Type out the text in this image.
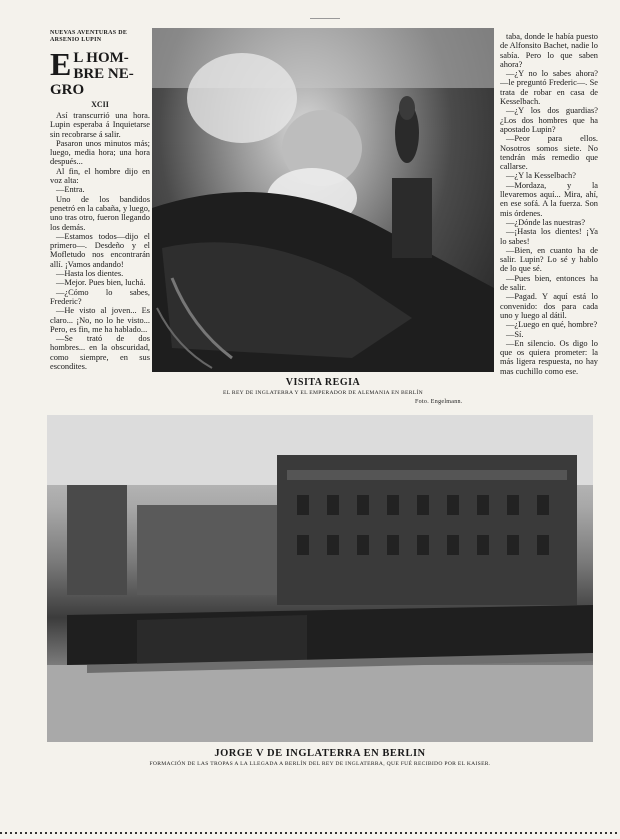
NUEVAS AVENTURAS DE ARSENIO LUPIN
E L HOM-BRE NE-GRO
XCII

Así transcurrió una hora. Lupin esperaba á Inquietarse sin recobrarse á salir.

Pasaron unos minutos más; luego, media hora; una hora después...

Al fin, el hombre dijo en voz alta:

—Entra.

Uno de los bandidos penetró en la cabaña, y luego, uno tras otro, fueron llegando los demás.

—Estamos todos—dijo el primero—. Desdeño y el Mofletudo nos encontrarán allí. ¡Vamos andando!

—Hasta los dientes.

—Mejor. Pues bien, luchá.

—¿Cómo lo sabes, Frederic?

—He visto al joven... Es claro... ¡No, no lo he visto... Pero, es fin, me ha hablado...

—Se trató de dos hombres... en la obscuridad, como siempre, en sus escondites.

VISITA REGIA
EL REY DE INGLATERRA Y EL EMPERADOR DE ALEMANIA EN BERLÍN
Foto. Engelmann.

taba, donde le había puesto de Alfonsito Bachet, nadie lo sabía. Pero lo que saben ahora?

—¿Y no lo sabes ahora? —le preguntó Frederic—. Se trata de robar en casa de Kesselbach.

—¿Y los dos guardias? ¿Los dos hombres que ha apostado Lupin?

—Peor para ellos. Nosotros somos siete. No tendrán más remedio que callarse.

—¿Y la Kesselbach?

—Mordaza, y la llevaremos aquí... Mira, ahí, en ese sofá. A la fuerza. Son mis órdenes.

—¿Dónde las nuestras?

—¡Hasta los dientes! ¡Ya lo sabes!

—Bien, en cuanto ha de salir. Lupin? Lo sé y hablo de lo que sé.

—Pues bien, entonces ha de salir.

—Pagad. Y aquí está lo convenido: dos para cada uno y luego al dátil.

—¿Luego en qué, hombre?

—Sí.

—En silencio. Os digo lo que os quiera prometer: la más ligera respuesta, no hay mas cuchillo como ese.

JORGE V DE INGLATERRA EN BERLIN
FORMACIÓN DE LAS TROPAS A LA LLEGADA A BERLÍN DEL REY DE INGLATERRA, QUE FUÉ RECIBIDO POR EL KAISER.
